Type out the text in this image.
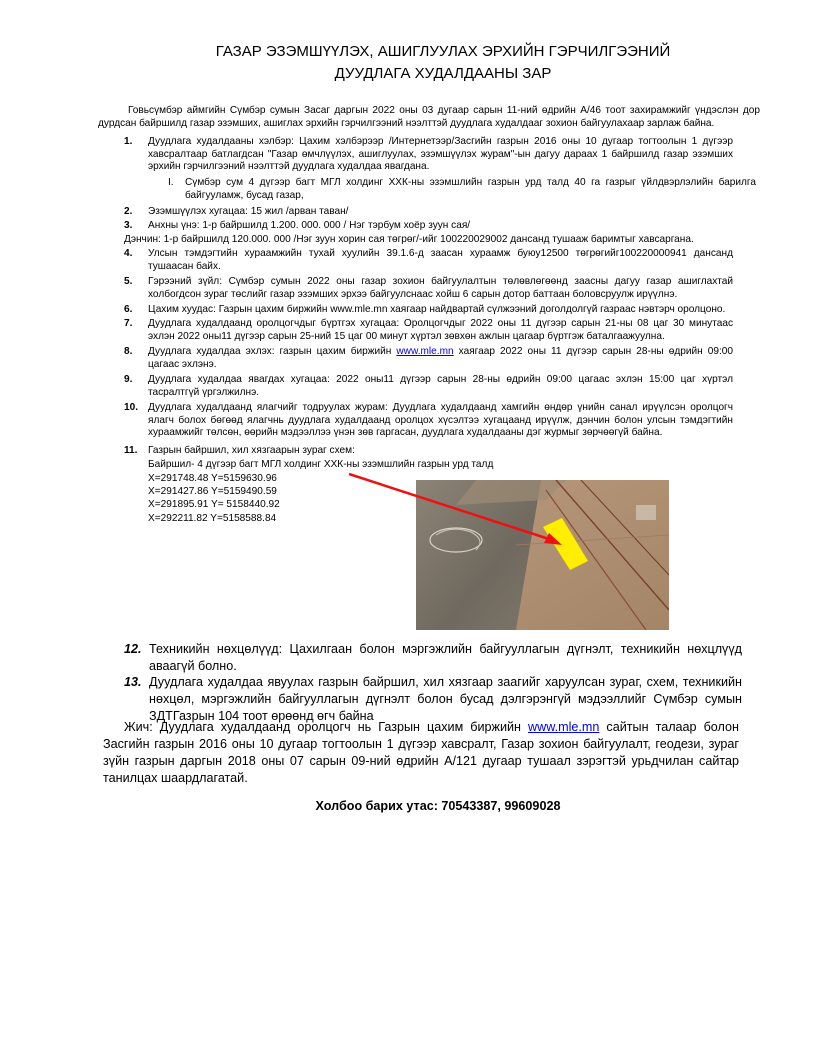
ГАЗАР ЭЗЭМШҮҮЛЭХ, АШИГЛУУЛАХ ЭРХИЙН ГЭРЧИЛГЭЭНИЙ
ДУУДЛАГА ХУДАЛДААНЫ ЗАР
Говьсүмбэр аймгийн Сүмбэр сумын Засаг даргын 2022 оны 03 дугаар сарын 11-ний өдрийн А/46 тоот захирамжийг үндэслэн дор дурдсан байршилд газар эзэмших, ашиглах эрхийн гэрчилгээний нээлттэй дуудлага худалдааг зохион байгуулахаар зарлаж байна.
1.	Дуудлага худалдааны хэлбэр: Цахим хэлбэрээр /Интернетээр/Засгийн газрын 2016 оны 10 дугаар тогтоолын 1 дүгээр хавсралтаар батлагдсан "Газар өмчлүүлэх, ашиглуулах, эзэмшүүлэх журам"-ын дагуу дараах 1 байршилд газар эзэмших эрхийн гэрчилгээний нээлттэй дуудлага худалдаа явагдана.
I. Сүмбэр сум 4 дүгээр багт МГЛ холдинг ХХК-ны эзэмшлийн газрын урд талд 40 га газрыг үйлдвэрлэлийн барилга байгууламж, бусад газар,
2.	Эзэмшүүлэх хугацаа: 15 жил /арван таван/
3.	Анхны үнэ: 1-р байршилд 1.200. 000. 000 / Нэг тэрбум хоёр зуун сая/
Дэнчин: 1-р байршилд 120.000. 000 /Нэг зуун хорин сая төгрөг/-ийг 100220029002 дансанд тушааж баримтыг хавсаргана.
4.	Улсын тэмдэгтийн хураамжийн тухай хуулийн 39.1.6-д заасан хураамж буюу12500 төгрөгийг100220000941 дансанд тушаасан байх.
5.	Гэрээний зүйл: Сүмбэр сумын 2022 оны газар зохион байгуулалтын төлөвлөгөөнд заасны дагуу газар ашиглахтай холбогдсон зураг төслийг газар эзэмших эрхээ байгуулснаас хойш 6 сарын дотор баттаан боловсруулж ирүүлнэ.
6.	Цахим хуудас: Газрын цахим биржийн www.mle.mn хаягаар найдвартай сүлжээний доголдолгүй газраас нэвтэрч оролцоно.
7.	Дуудлага худалдаанд оролцогчдыг бүртгэх хугацаа: Оролцогчдыг 2022 оны 11 дүгээр сарын 21-ны 08 цаг 30 минутаас эхлэн 2022 оны11 дүгээр сарын 25-ний 15 цаг 00 минут хүртэл зөвхөн ажлын цагаар бүртгэж баталгаажуулна.
8.	Дуудлага худалдаа эхлэх: газрын цахим биржийн www.mle.mn хаягаар 2022 оны 11 дүгээр сарын 28-ны өдрийн 09:00 цагаас эхлэнэ.
9.	Дуудлага худалдаа явагдах хугацаа: 2022 оны11 дүгээр сарын 28-ны өдрийн 09:00 цагаас эхлэн 15:00 цаг хүртэл тасралтгүй үргэлжилнэ.
10. Дуудлага худалдаанд ялагчийг тодруулах журам: Дуудлага худалдаанд хамгийн өндөр үнийн санал ирүүлсэн оролцогч ялагч болох бөгөөд ялагчнь дуудлага худалдаанд оролцох хүсэлтээ хугацаанд ирүүлж, дэнчин болон улсын тэмдэгтийн хураамжийг төлсөн, өөрийн мэдээллээ үнэн зөв гаргасан, дуудлага худалдааны дэг журмыг зөрчөөгүй байна.
11.	Газрын байршил, хил хязгаарын зураг схем:
Байршил- 4 дүгээр багт МГЛ холдинг ХХК-ны эзэмшлийн газрын урд талд
X=291748.48 Y=5159630.96
X=291427.86 Y=5159490.59
X=291895.91 Y= 5158440.92
X=292211.82 Y=5158588.84
12. Техникийн нөхцөлүүд: Цахилгаан болон мэргэжлийн байгууллагын дүгнэлт, техникийн нөхцлүүд аваагүй болно.
13. Дуудлага худалдаа явуулах газрын байршил, хил хязгаар заагийг харуулсан зураг, схем, техникийн нөхцөл, мэргэжлийн байгууллагын дүгнэлт болон бусад дэлгэрэнгүй мэдээллийг Сүмбэр сумын ЗДТГазрын 104 тоот өрөөнд өгч байна
Жич: Дуудлага худалдаанд оролцогч нь Газрын цахим биржийн www.mle.mn сайтын талаар болон Засгийн газрын 2016 оны 10 дугаар тогтоолын 1 дүгээр хавсралт, Газар зохион байгуулалт, геодези, зураг зүйн газрын даргын 2018 оны 07 сарын 09-ний өдрийн А/121 дугаар тушаал зэрэгтэй урьдчилан сайтар танилцах шаардлагатай.
Холбоо барих утас: 70543387, 99609028
